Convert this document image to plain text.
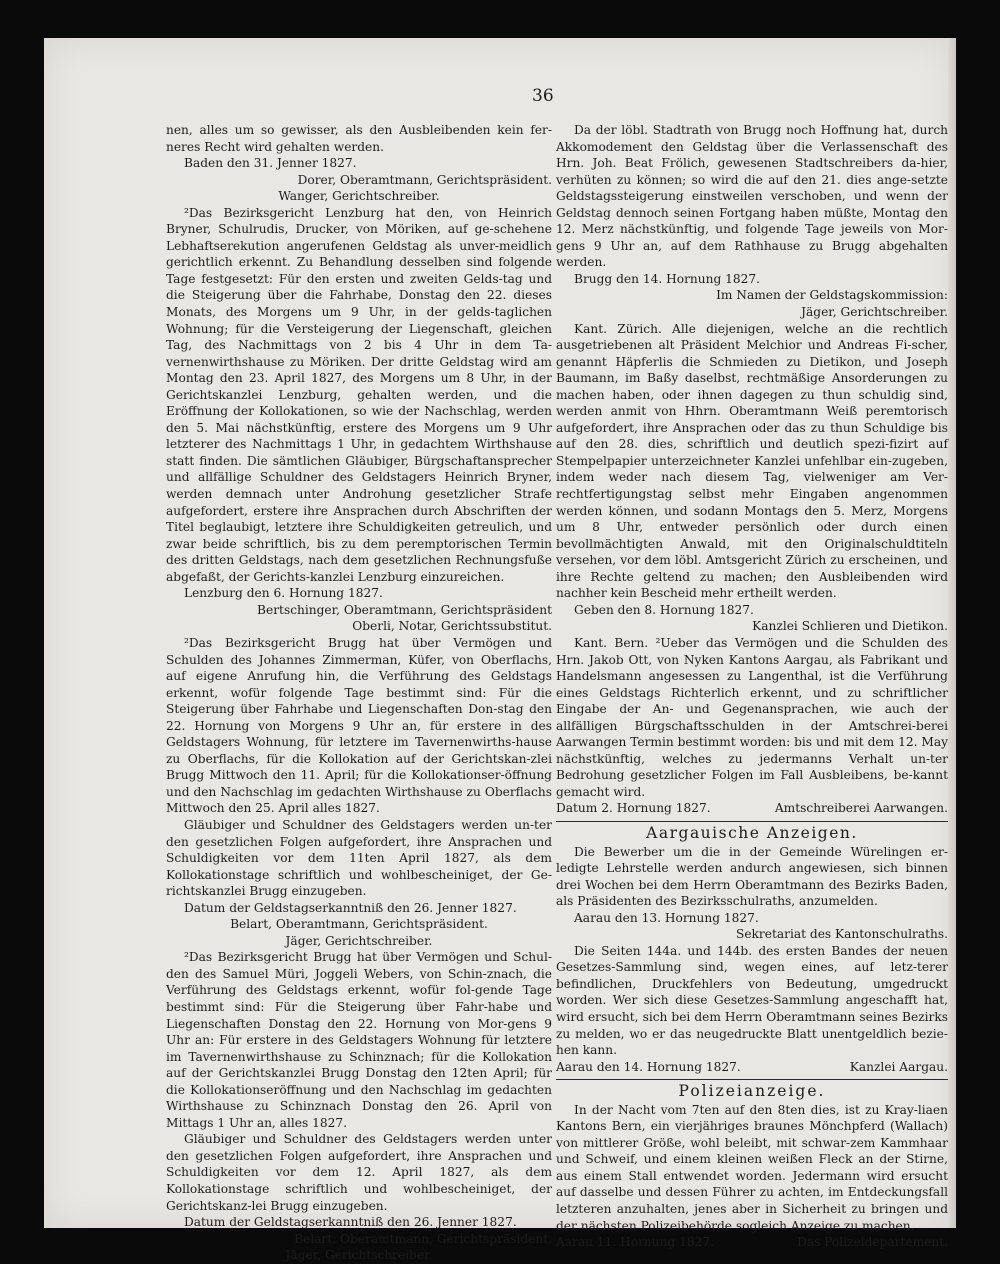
36

nen, alles um so gewisser, als den Ausbleibenden kein fer-neres Recht wird gehalten werden.

Baden den 31. Jenner 1827.

Dorer, Oberamtmann, Gerichtspräsident.

Wanger, Gerichtschreiber.

²Das Bezirksgericht Lenzburg hat den, von Heinrich Bryner, Schulrudis, Drucker, von Möriken, auf ge-schehene Lebhaftserekution angerufenen Geldstag als unver-meidlich gerichtlich erkennt. Zu Behandlung desselben sind folgende Tage festgesetzt: Für den ersten und zweiten Gelds-tag und die Steigerung über die Fahrhabe, Donstag den 22. dieses Monats, des Morgens um 9 Uhr, in der gelds-taglichen Wohnung; für die Versteigerung der Liegenschaft, gleichen Tag, des Nachmittags von 2 bis 4 Uhr in dem Ta-vernenwirthshause zu Möriken. Der dritte Geldstag wird am Montag den 23. April 1827, des Morgens um 8 Uhr, in der Gerichtskanzlei Lenzburg, gehalten werden, und die Eröffnung der Kollokationen, so wie der Nachschlag, werden den 5. Mai nächstkünftig, erstere des Morgens um 9 Uhr letzterer des Nachmittags 1 Uhr, in gedachtem Wirthshause statt finden. Die sämtlichen Gläubiger, Bürgschaftansprecher und allfällige Schuldner des Geldstagers Heinrich Bryner, werden demnach unter Androhung gesetzlicher Strafe aufgefordert, erstere ihre Ansprachen durch Abschriften der Titel beglaubigt, letztere ihre Schuldigkeiten getreulich, und zwar beide schriftlich, bis zu dem peremptorischen Termin des dritten Geldstags, nach dem gesetzlichen Rechnungsfuße abgefaßt, der Gerichts-kanzlei Lenzburg einzureichen.

Lenzburg den 6. Hornung 1827.

Bertschinger, Oberamtmann, Gerichtspräsident

Oberli, Notar, Gerichtssubstitut.

²Das Bezirksgericht Brugg hat über Vermögen und Schulden des Johannes Zimmerman, Küfer, von Oberflachs, auf eigene Anrufung hin, die Verführung des Geldstags erkennt, wofür folgende Tage bestimmt sind: Für die Steigerung über Fahrhabe und Liegenschaften Don-stag den 22. Hornung von Morgens 9 Uhr an, für erstere in des Geldstagers Wohnung, für letztere im Tavernenwirths-hause zu Oberflachs, für die Kollokation auf der Gerichtskan-zlei Brugg Mittwoch den 11. April; für die Kollokationser-öffnung und den Nachschlag im gedachten Wirthshause zu Oberflachs Mittwoch den 25. April alles 1827.

Gläubiger und Schuldner des Geldstagers werden un-ter den gesetzlichen Folgen aufgefordert, ihre Ansprachen und Schuldigkeiten vor dem 11ten April 1827, als dem Kollokationstage schriftlich und wohlbescheiniget, der Ge-richtskanzlei Brugg einzugeben.

Datum der Geldstagserkanntniß den 26. Jenner 1827.

Belart, Oberamtmann, Gerichtspräsident.

Jäger, Gerichtschreiber.

²Das Bezirksgericht Brugg hat über Vermögen und Schul-den des Samuel Müri, Joggeli Webers, von Schin-znach, die Verführung des Geldstags erkennt, wofür fol-gende Tage bestimmt sind: Für die Steigerung über Fahr-habe und Liegenschaften Donstag den 22. Hornung von Mor-gens 9 Uhr an: Für erstere in des Geldstagers Wohnung für letztere im Tavernenwirthshause zu Schinznach; für die Kollokation auf der Gerichtskanzlei Brugg Donstag den 12ten April; für die Kollokationseröffnung und den Nachschlag im gedachten Wirthshause zu Schinznach Donstag den 26. April von Mittags 1 Uhr an, alles 1827.

Gläubiger und Schuldner des Geldstagers werden unter den gesetzlichen Folgen aufgefordert, ihre Ansprachen und Schuldigkeiten vor dem 12. April 1827, als dem Kollokationstage schriftlich und wohlbescheiniget, der Gerichtskanz-lei Brugg einzugeben.

Datum der Geldstagserkanntniß den 26. Jenner 1827.

Belart, Oberamtmann, Gerichtspräsident.

Jäger, Gerichtschreiber.

Da der löbl. Stadtrath von Brugg noch Hoffnung hat, durch Akkomodement den Geldstag über die Verlassenschaft des Hrn. Joh. Beat Frölich, gewesenen Stadtschreibers da-hier, verhüten zu können; so wird die auf den 21. dies ange-setzte Geldstagssteigerung einstweilen verschoben, und wenn der Geldstag dennoch seinen Fortgang haben müßte, Montag den 12. Merz nächstkünftig, und folgende Tage jeweils von Mor-gens 9 Uhr an, auf dem Rathhause zu Brugg abgehalten werden.

Brugg den 14. Hornung 1827.

Im Namen der Geldstagskommission:

Jäger, Gerichtschreiber.

Kant. Zürich. Alle diejenigen, welche an die rechtlich ausgetriebenen alt Präsident Melchior und Andreas Fi-scher, genannt Häpferlis die Schmieden zu Dietikon, und Joseph Baumann, im Baßy daselbst, rechtmäßige Ansorderungen zu machen haben, oder ihnen dagegen zu thun schuldig sind, werden anmit von Hhrn. Oberamtmann Weiß peremtorisch aufgefordert, ihre Ansprachen oder das zu thun Schuldige bis auf den 28. dies, schriftlich und deutlich spezi-fizirt auf Stempelpapier unterzeichneter Kanzlei unfehlbar ein-zugeben, indem weder nach diesem Tag, vielweniger am Ver-rechtfertigungstag selbst mehr Eingaben angenommen werden können, und sodann Montags den 5. Merz, Morgens um 8 Uhr, entweder persönlich oder durch einen bevollmächtigten Anwald, mit den Originalschuldtiteln versehen, vor dem löbl. Amtsgericht Zürich zu erscheinen, und ihre Rechte geltend zu machen; den Ausbleibenden wird nachher kein Bescheid mehr ertheilt werden.

Geben den 8. Hornung 1827.

Kanzlei Schlieren und Dietikon.

Kant. Bern. ²Ueber das Vermögen und die Schulden des Hrn. Jakob Ott, von Nyken Kantons Aargau, als Fabrikant und Handelsmann angesessen zu Langenthal, ist die Verführung eines Geldstags Richterlich erkennt, und zu schriftlicher Eingabe der An- und Gegenansprachen, wie auch der allfälligen Bürgschaftsschulden in der Amtschrei-berei Aarwangen Termin bestimmt worden: bis und mit dem 12. May nächstkünftig, welches zu jedermanns Verhalt un-ter Bedrohung gesetzlicher Folgen im Fall Ausbleibens, be-kannt gemacht wird.

Datum 2. Hornung 1827.	Amtschreiberei Aarwangen.
Aargauische Anzeigen.

Die Bewerber um die in der Gemeinde Würelingen er-ledigte Lehrstelle werden andurch angewiesen, sich binnen drei Wochen bei dem Herrn Oberamtmann des Bezirks Baden, als Präsidenten des Bezirksschulraths, anzumelden.

Aarau den 13. Hornung 1827.

Sekretariat des Kantonschulraths.

Die Seiten 144a. und 144b. des ersten Bandes der neuen Gesetzes-Sammlung sind, wegen eines, auf letz-terer befindlichen, Druckfehlers von Bedeutung, umgedruckt worden. Wer sich diese Gesetzes-Sammlung angeschafft hat, wird ersucht, sich bei dem Herrn Oberamtmann seines Bezirks zu melden, wo er das neugedruckte Blatt unentgeldlich bezie-hen kann.

Aarau den 14. Hornung 1827.	Kanzlei Aargau.
Polizeianzeige.

In der Nacht vom 7ten auf den 8ten dies, ist zu Kray-liaen Kantons Bern, ein vierjähriges braunes Mönchpferd (Wallach) von mittlerer Größe, wohl beleibt, mit schwar-zem Kammhaar und Schweif, und einem kleinen weißen Fleck an der Stirne, aus einem Stall entwendet worden. Jedermann wird ersucht auf dasselbe und dessen Führer zu achten, im Entdeckungsfall letzteren anzuhalten, jenes aber in Sicherheit zu bringen und der nächsten Polizeibehörde sogleich Anzeige zu machen.

Aarau 11. Hornung 1827.	Das Polizeidepartement.
